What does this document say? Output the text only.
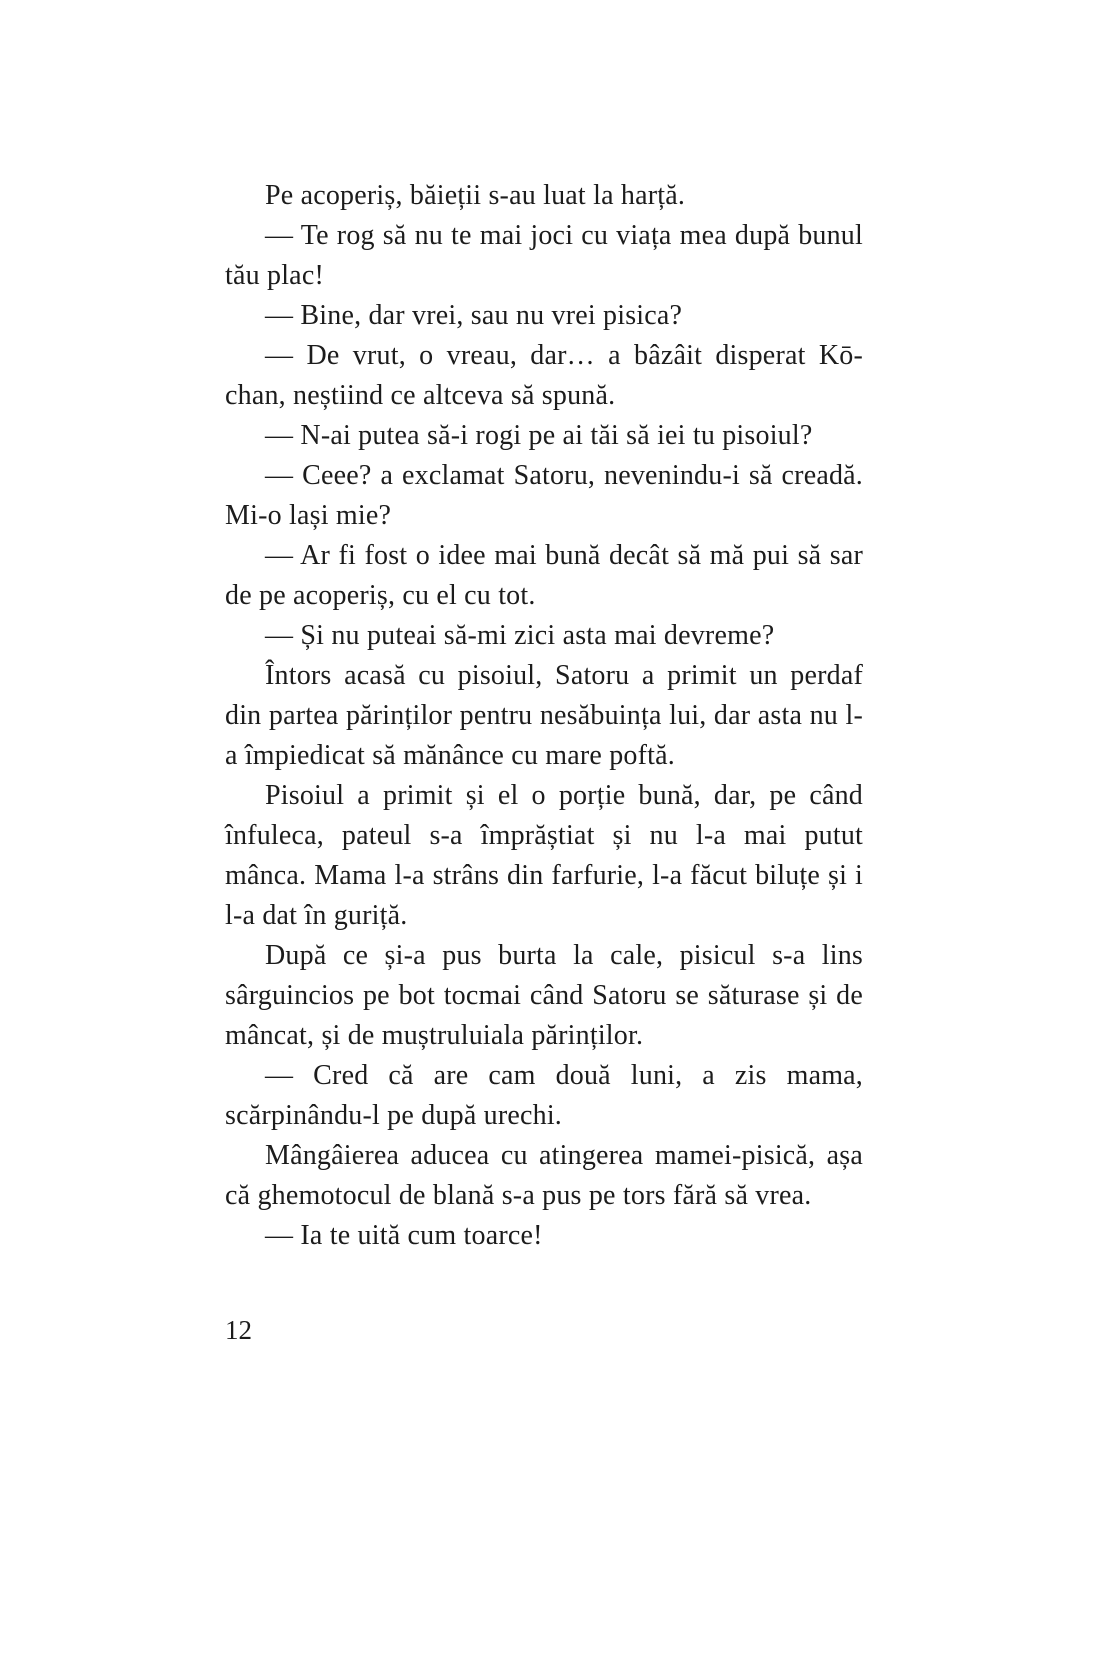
Pe acoperiș, băieții s-au luat la harță.

— Te rog să nu te mai joci cu viața mea după bunul tău plac!

— Bine, dar vrei, sau nu vrei pisica?

— De vrut, o vreau, dar… a bâzâit disperat Kō-chan, neștiind ce altceva să spună.

— N-ai putea să-i rogi pe ai tăi să iei tu pisoiul?

— Ceee? a exclamat Satoru, nevenindu-i să creadă. Mi-o lași mie?

— Ar fi fost o idee mai bună decât să mă pui să sar de pe acoperiș, cu el cu tot.

— Și nu puteai să-mi zici asta mai devreme?

Întors acasă cu pisoiul, Satoru a primit un perdaf din partea părinților pentru nesăbuința lui, dar asta nu l-a împiedicat să mănânce cu mare poftă.

Pisoiul a primit și el o porție bună, dar, pe când înfuleca, pateul s-a împrăștiat și nu l-a mai putut mânca. Mama l-a strâns din farfurie, l-a făcut biluțe și i l-a dat în guriță.

După ce și-a pus burta la cale, pisicul s-a lins sârguincios pe bot tocmai când Satoru se săturase și de mâncat, și de muștruluiala părinților.

— Cred că are cam două luni, a zis mama, scărpinându-l pe după urechi.

Mângâierea aducea cu atingerea mamei-pisică, așa că ghemotocul de blană s-a pus pe tors fără să vrea.

— Ia te uită cum toarce!

12
